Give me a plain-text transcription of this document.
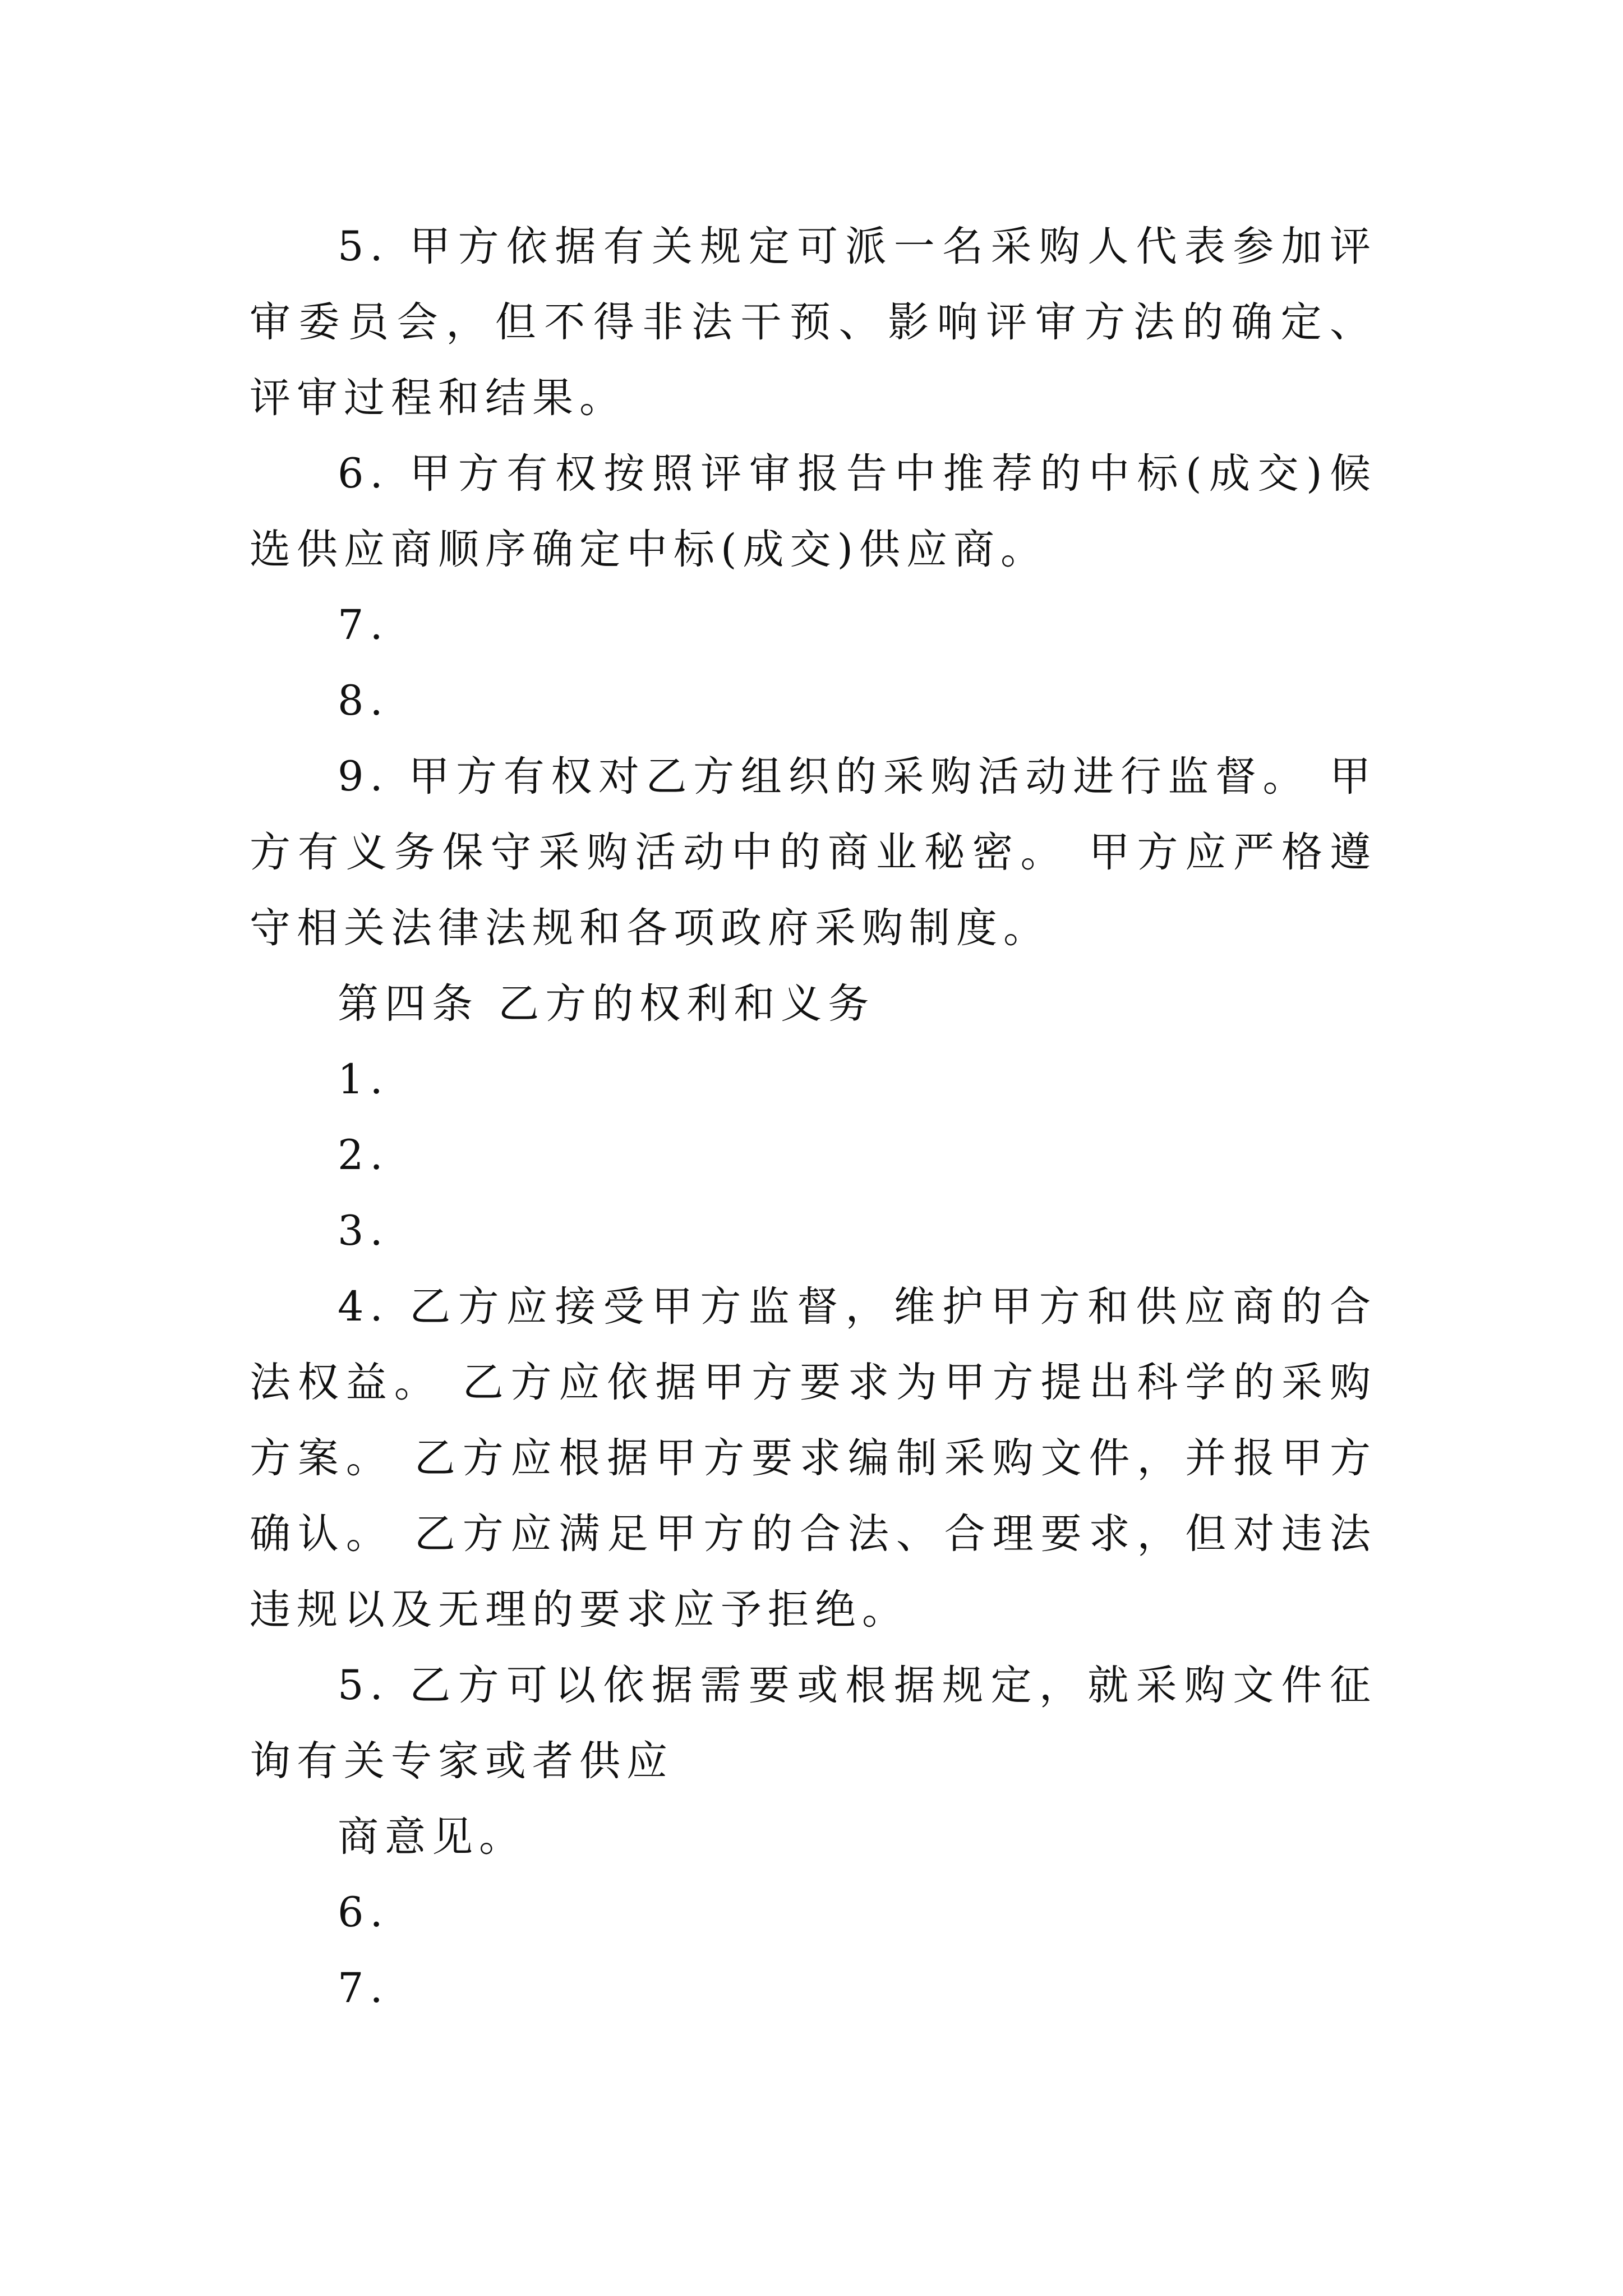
5. 甲方依据有关规定可派一名采购人代表参加评审委员会，但不得非法干预、影响评审方法的确定、评审过程和结果。

6. 甲方有权按照评审报告中推荐的中标(成交)候选供应商顺序确定中标(成交)供应商。

7.

8.

9. 甲方有权对乙方组织的采购活动进行监督。 甲方有义务保守采购活动中的商业秘密。 甲方应严格遵守相关法律法规和各项政府采购制度。

第四条 乙方的权利和义务

1.

2.

3.

4. 乙方应接受甲方监督，维护甲方和供应商的合法权益。 乙方应依据甲方要求为甲方提出科学的采购方案。 乙方应根据甲方要求编制采购文件，并报甲方确认。 乙方应满足甲方的合法、合理要求，但对违法违规以及无理的要求应予拒绝。

5. 乙方可以依据需要或根据规定，就采购文件征询有关专家或者供应

商意见。

6.

7.
